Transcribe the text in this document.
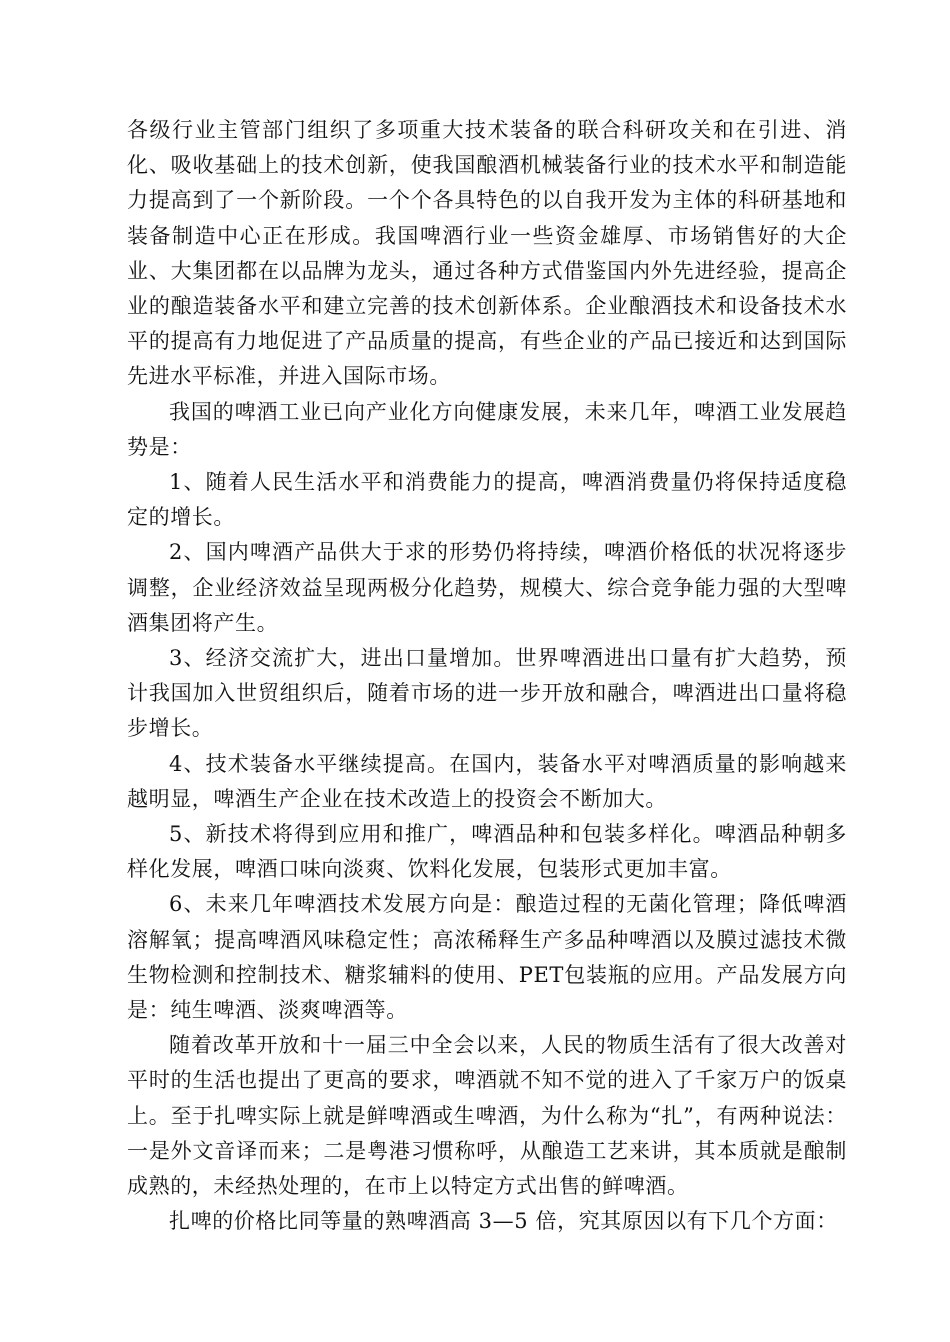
各级行业主管部门组织了多项重大技术装备的联合科研攻关和在引进、消化、吸收基础上的技术创新，使我国酿酒机械装备行业的技术水平和制造能力提高到了一个新阶段。一个个各具特色的以自我开发为主体的科研基地和装备制造中心正在形成。我国啤酒行业一些资金雄厚、市场销售好的大企业、大集团都在以品牌为龙头，通过各种方式借鉴国内外先进经验，提高企业的酿造装备水平和建立完善的技术创新体系。企业酿酒技术和设备技术水平的提高有力地促进了产品质量的提高，有些企业的产品已接近和达到国际先进水平标准，并进入国际市场。

我国的啤酒工业已向产业化方向健康发展，未来几年，啤酒工业发展趋势是：

1、随着人民生活水平和消费能力的提高，啤酒消费量仍将保持适度稳定的增长。

2、国内啤酒产品供大于求的形势仍将持续，啤酒价格低的状况将逐步调整，企业经济效益呈现两极分化趋势，规模大、综合竞争能力强的大型啤酒集团将产生。

3、经济交流扩大，进出口量增加。世界啤酒进出口量有扩大趋势，预计我国加入世贸组织后，随着市场的进一步开放和融合，啤酒进出口量将稳步增长。

4、技术装备水平继续提高。在国内，装备水平对啤酒质量的影响越来越明显，啤酒生产企业在技术改造上的投资会不断加大。

5、新技术将得到应用和推广，啤酒品种和包装多样化。啤酒品种朝多样化发展，啤酒口味向淡爽、饮料化发展，包装形式更加丰富。

6、未来几年啤酒技术发展方向是：酿造过程的无菌化管理；降低啤酒溶解氧；提高啤酒风味稳定性；高浓稀释生产多品种啤酒以及膜过滤技术微生物检测和控制技术、糖浆辅料的使用、PET包装瓶的应用。产品发展方向是：纯生啤酒、淡爽啤酒等。

随着改革开放和十一届三中全会以来，人民的物质生活有了很大改善对平时的生活也提出了更高的要求，啤酒就不知不觉的进入了千家万户的饭桌上。至于扎啤实际上就是鲜啤酒或生啤酒，为什么称为“扎”，有两种说法：一是外文音译而来；二是粤港习惯称呼，从酿造工艺来讲，其本质就是酿制成熟的，未经热处理的，在市上以特定方式出售的鲜啤酒。

扎啤的价格比同等量的熟啤酒高 3—5 倍，究其原因以有下几个方面：
